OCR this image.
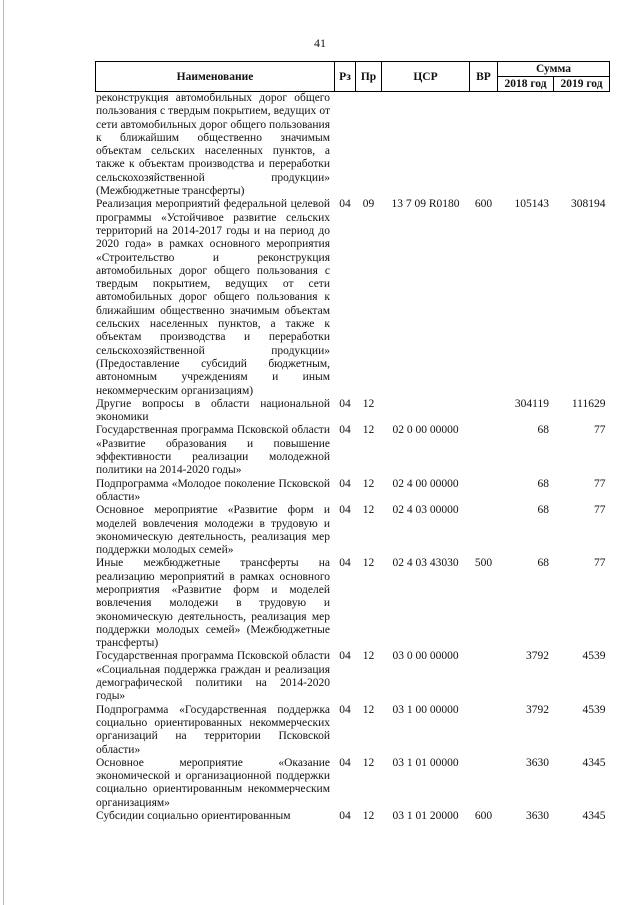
41
Наименование	Рз	Пр	ЦСР	ВР	Сумма	
					2018 год	2019 год
реконструкция автомобильных дорог общего пользования с твердым покрытием, ведущих от сети автомобильных дорог общего пользования к ближайшим общественно значимым объектам сельских населенных пунктов, а также к объектам производства и переработки сельскохозяйственной продукции» (Межбюджетные трансферты)						
Реализация мероприятий федеральной целевой программы «Устойчивое развитие сельских территорий на 2014-2017 годы и на период до 2020 года» в рамках основного мероприятия «Строительство и реконструкция автомобильных дорог общего пользования с твердым покрытием, ведущих от сети автомобильных дорог общего пользования к ближайшим общественно значимым объектам сельских населенных пунктов, а также к объектам производства и переработки сельскохозяйственной продукции» (Предоставление субсидий бюджетным, автономным учреждениям и иным некоммерческим организациям)	04	09	13 7 09 R0180	600	105143	308194
Другие вопросы в области национальной экономики	04	12			304119	111629
Государственная программа Псковской области «Развитие образования и повышение эффективности реализации молодежной политики на 2014-2020 годы»	04	12	02 0 00 00000		68	77
Подпрограмма «Молодое поколение Псковской области»	04	12	02 4 00 00000		68	77
Основное мероприятие «Развитие форм и моделей вовлечения молодежи в трудовую и экономическую деятельность, реализация мер поддержки молодых семей»	04	12	02 4 03 00000		68	77
Иные межбюджетные трансферты на реализацию мероприятий в рамках основного мероприятия «Развитие форм и моделей вовлечения молодежи в трудовую и экономическую деятельность, реализация мер поддержки молодых семей» (Межбюджетные трансферты)	04	12	02 4 03 43030	500	68	77
Государственная программа Псковской области «Социальная поддержка граждан и реализация демографической политики на 2014-2020 годы»	04	12	03 0 00 00000		3792	4539
Подпрограмма «Государственная поддержка социально ориентированных некоммерческих организаций на территории Псковской области»	04	12	03 1 00 00000		3792	4539
Основное мероприятие «Оказание экономической и организационной поддержки социально ориентированным некоммерческим организациям»	04	12	03 1 01 00000		3630	4345
Субсидии социально ориентированным	04	12	03 1 01 20000	600	3630	4345
